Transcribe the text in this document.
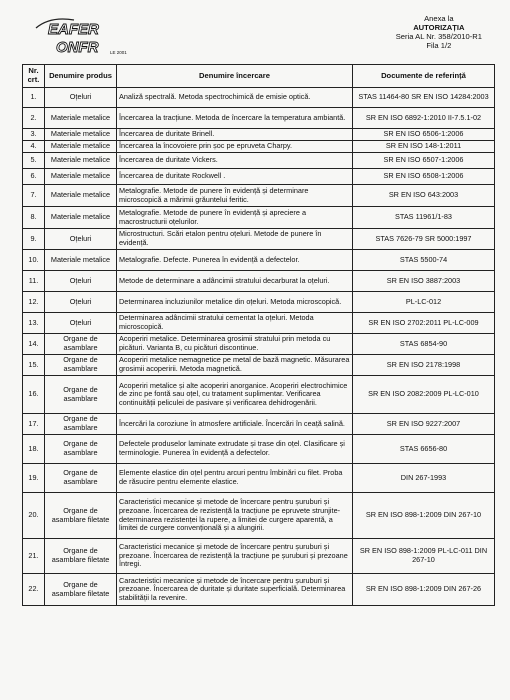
EAFER
ONFR	LE 2001
Anexa la
AUTORIZAȚIA
Seria AL Nr. 358/2010-R1
Fila 1/2
Nr. crt.	Denumire produs	Denumire încercare	Documente de referință
1.	Oțeluri	Analiză spectrală. Metoda spectrochimică de emisie optică.	STAS 11464-80 SR EN ISO 14284:2003
2.	Materiale metalice	Încercarea la tracțiune. Metoda de încercare la temperatura ambiantă.	SR EN ISO 6892-1:2010 II-7.5.1-02
3.	Materiale metalice	Încercarea de duritate Brinell.	SR EN ISO 6506-1:2006
4.	Materiale metalice	Încercarea la încovoiere prin șoc pe epruveta Charpy.	SR EN ISO 148-1:2011
5.	Materiale metalice	Încercarea de duritate Vickers.	SR EN ISO 6507-1:2006
6.	Materiale metalice	Încercarea de duritate Rockwell .	SR EN ISO 6508-1:2006
7.	Materiale metalice	Metalografie. Metode de punere în evidență și determinare microscopică a mărimii grăuntelui feritic.	SR EN ISO 643:2003
8.	Materiale metalice	Metalografie. Metode de punere în evidență și apreciere a macrostructurii oțelurilor.	STAS 11961/1-83
9.	Oțeluri	Microstructuri. Scări etalon pentru oțeluri. Metode de punere în evidență.	STAS 7626-79 SR 5000:1997
10.	Materiale metalice	Metalografie. Defecte. Punerea în evidență a defectelor.	STAS 5500-74
11.	Oțeluri	Metode de determinare a adâncimii stratului decarburat la oțeluri.	SR EN ISO 3887:2003
12.	Oțeluri	Determinarea incluziunilor metalice din oțeluri. Metoda microscopică.	PL-LC-012
13.	Oțeluri	Determinarea adâncimii stratului cementat la oțeluri. Metoda microscopică.	SR EN ISO 2702:2011 PL-LC-009
14.	Organe de asamblare	Acoperiri metalice. Determinarea grosimii stratului prin metoda cu picături. Varianta B, cu picături discontinue.	STAS 6854-90
15.	Organe de asamblare	Acoperiri metalice nemagnetice pe metal de bază magnetic. Măsurarea grosimii acoperirii. Metoda magnetică.	SR EN ISO 2178:1998
16.	Organe de asamblare	Acoperiri metalice și alte acoperiri anorganice. Acoperiri electrochimice de zinc pe fontă sau oțel, cu tratament suplimentar. Verificarea continuității peliculei de pasivare și verificarea dehidrogenării.	SR EN ISO 2082:2009 PL-LC-010
17.	Organe de asamblare	Încercări la coroziune în atmosfere artificiale. Încercări în ceață salină.	SR EN ISO 9227:2007
18.	Organe de asamblare	Defectele produselor laminate extrudate și trase din oțel. Clasificare și terminologie. Punerea în evidență a defectelor.	STAS 6656-80
19.	Organe de asamblare	Elemente elastice din oțel pentru arcuri pentru îmbinări cu filet. Proba de răsucire pentru elemente elastice.	DIN 267-1993
20.	Organe de asamblare filetate	Caracteristici mecanice și metode de încercare pentru șuruburi și prezoane. Încercarea de rezistență la tracțiune pe epruvete strunjite-determinarea rezistenței la rupere, a limitei de curgere aparentă, a limitei de curgere convențională și a alungirii.	SR EN ISO 898-1:2009 DIN 267-10
21.	Organe de asamblare filetate	Caracteristici mecanice și metode de încercare pentru șuruburi și prezoane. Încercarea de rezistență la tracțiune pe șuruburi și prezoane întregi.	SR EN ISO 898-1:2009 PL-LC-011 DIN 267-10
22.	Organe de asamblare filetate	Caracteristici mecanice și metode de încercare pentru șuruburi și prezoane. Încercarea de duritate și duritate superficială. Determinarea stabilității la revenire.	SR EN ISO 898-1:2009 DIN 267-26
